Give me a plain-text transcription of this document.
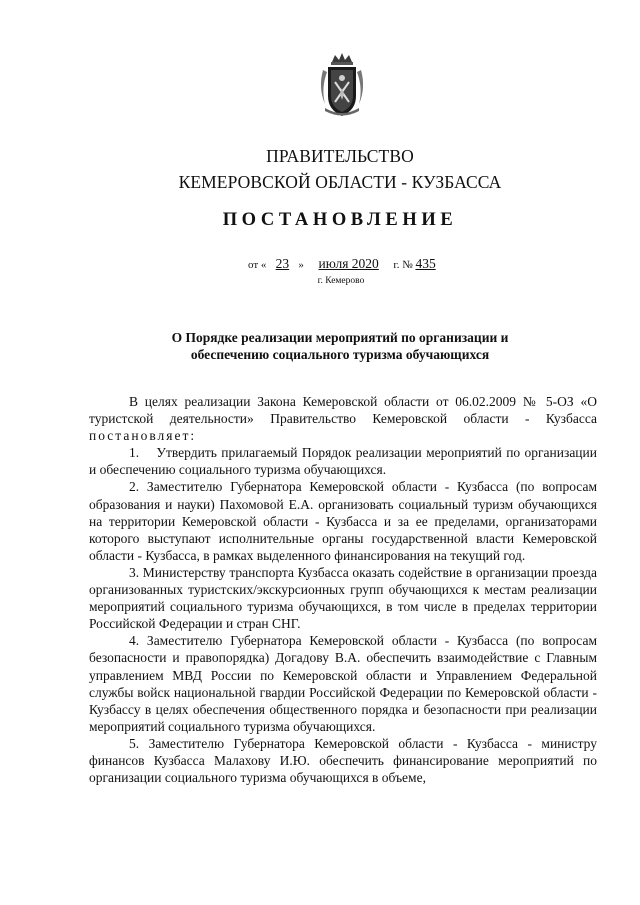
ПРАВИТЕЛЬСТВО
КЕМЕРОВСКОЙ ОБЛАСТИ - КУЗБАССА
ПОСТАНОВЛЕНИЕ
от « 23 » июля 2020 г. № 435
г. Кемерово
О Порядке реализации мероприятий по организации и
обеспечению социального туризма обучающихся

В целях реализации Закона Кемеровской области от 06.02.2009 № 5-ОЗ «О туристской деятельности» Правительство Кемеровской области - Кузбасса постановляет:

1.    Утвердить прилагаемый Порядок реализации мероприятий по организации и обеспечению социального туризма обучающихся.

2. Заместителю Губернатора Кемеровской области - Кузбасса (по вопросам образования и науки) Пахомовой Е.А. организовать социальный туризм обучающихся на территории Кемеровской области - Кузбасса и за ее пределами, организаторами которого выступают исполнительные органы государственной власти Кемеровской области - Кузбасса, в рамках выделенного финансирования на текущий год.

3. Министерству транспорта Кузбасса оказать содействие в организации проезда организованных туристских/экскурсионных групп обучающихся к местам реализации мероприятий социального туризма обучающихся, в том числе в пределах территории Российской Федерации и стран СНГ.

4. Заместителю Губернатора Кемеровской области - Кузбасса (по вопросам безопасности и правопорядка) Догадову В.А. обеспечить взаимодействие с Главным управлением МВД России по Кемеровской области и Управлением Федеральной службы войск национальной гвардии Российской Федерации по Кемеровской области - Кузбассу в целях обеспечения общественного порядка и безопасности при реализации мероприятий социального туризма обучающихся.

5. Заместителю Губернатора Кемеровской области - Кузбасса - министру финансов Кузбасса Малахову И.Ю. обеспечить финансирование мероприятий по организации социального туризма обучающихся в объеме,
